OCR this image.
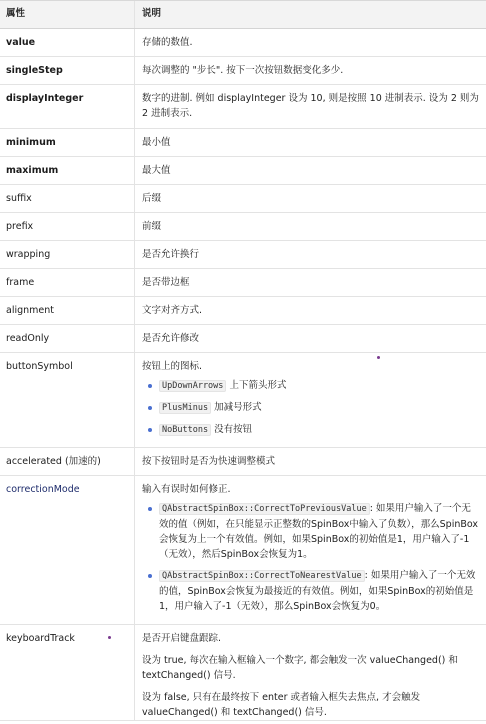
属性	说明
value	存储的数值.
singleStep	每次调整的 "步长". 按下一次按钮数据变化多少.
displayInteger	数字的进制. 例如 displayInteger 设为 10, 则是按照 10 进制表示. 设为 2 则为 2 进制表示.
minimum	最小值
maximum	最大值
suffix	后缀
prefix	前缀
wrapping	是否允许换行
frame	是否带边框
alignment	文字对齐方式.
readOnly	是否允许修改
buttonSymbol	按钮上的图标.
UpDownArrows 上下箭头形式
PlusMinus 加减号形式
NoButtons 没有按钮
accelerated (加速的)	按下按钮时是否为快速调整模式
correctionMode	输入有误时如何修正.
QAbstractSpinBox::CorrectToPreviousValue : 如果用户输入了一个无效的值（例如，在只能显示正整数的SpinBox中输入了负数），那么SpinBox会恢复为上一个有效值。例如，如果SpinBox的初始值是1，用户输入了-1（无效），然后SpinBox会恢复为1。
QAbstractSpinBox::CorrectToNearestValue : 如果用户输入了一个无效的值，SpinBox会恢复为最接近的有效值。例如，如果SpinBox的初始值是1，用户输入了-1（无效），那么SpinBox会恢复为0。
keyboardTrack	是否开启键盘跟踪.

设为 true, 每次在输入框输入一个数字, 都会触发一次 valueChanged() 和 textChanged() 信号.

设为 false, 只有在最终按下 enter 或者输入框失去焦点, 才会触发 valueChanged() 和 textChanged() 信号.
